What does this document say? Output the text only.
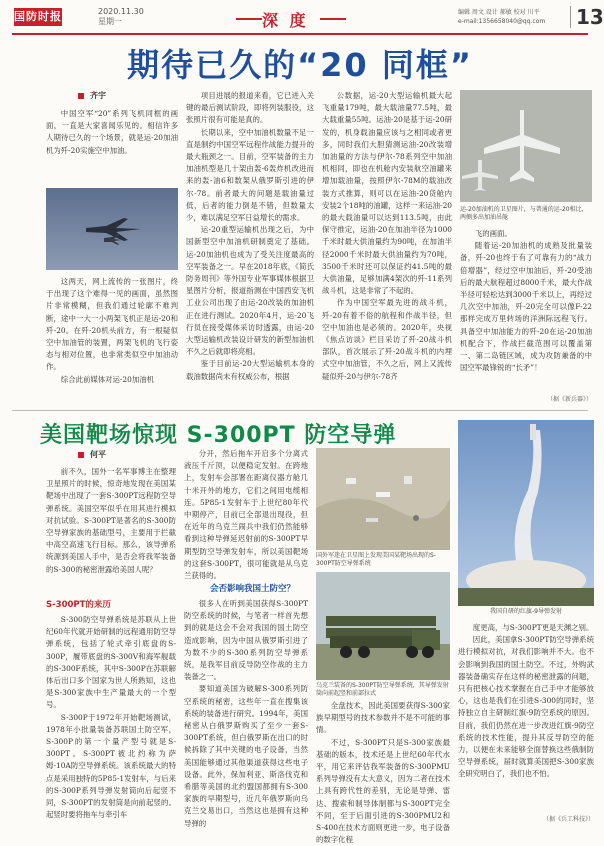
国防时报	2020.11.30
星期一	深 度	编辑 周文 设计 郝敏 校对 川平
e-mail:1356658040@qq.com	13
期待已久的“20 同框”
齐宇

中国空军“20”系列飞机同框的画面，一直是大家喜闻乐见的。相信许多人期待已久的一个场景，就是运-20加油机为歼-20实施空中加油。

这两天，网上流传的一张图片，终于出现了这个难得一见的画面，虽然图片非常模糊，但我们通过轮廓不难判断，途中一大一小两架飞机正是运-20和歼-20。在歼-20机头前方，有一根疑似空中加油管的装置，两架飞机的飞行姿态与相对位置，也非常类似空中加油动作。

综合此前媒体对运-20加油机

项目进展的报道来看，它已进入关键的最后测试阶段，即将列装服役，这张照片很有可能是真的。

长期以来，空中加油机数量不足一直是制约中国空军远程作战能力提升的最大瓶颈之一。目前，空军装备的主力加油机型是几十架由轰-6轰炸机改进而来的轰-油6和数架从俄罗斯引进的伊尔-78。前者最大的问题是载油量过低，后者的能力倒是不错，但数量太少，难以满足空军日益增长的需求。

运-20重型运输机出现之后，为中国新型空中加油机研制奠定了基础。运-20加油机也成为了受关注度最高的空军装备之一。早在2018年底，《简氏防务周刊》等外国专业军事媒体根据卫星图片分析，报道指测在中国西安飞机工业公司出现了由运-20改装的加油机正在进行测试。2020年4月，运-20飞行员在接受媒体采访时透露，由运-20大型运输机改装设计研发的新型加油机不久之后就即将亮相。

鉴于目前运-20大型运输机本身的载油数据尚未有权威公布，根据

公数据，运-20大型运输机最大起飞重量179吨，最大载油量77.5吨，最大载重量55吨。运油-20是基于运-20研发的，机身载油量应该与之相同或者更多，同时我们大胆猜测运油-20改装增加油量的方法与伊尔-78系列空中加油机相同，即也在机舱内安装航空油罐来增加载油量，按照伊尔-78M的载油改装方式推算，则可以在运油-20货舱内安装2个18吨的油罐，这样一来运油-20的最大载油量可以达到113.5吨，由此保守推定，运油-20在加油半径为1000千米时最大供油量约为90吨，在加油半径2000千米时最大供油量约为70吨，3500千米时还可以保证约41.5吨的最大供油量，足够加满4架次的歼-11系列战斗机，这是非常了不起的。

作为中国空军最先进的战斗机，歼-20有着不俗的航程和作战半径，但空中加油也是必须的。2020年，央视《焦点访谈》栏目采访了歼-20战斗机部队，首次展示了歼-20战斗机的内埋式空中加油管，不久之后，网上又流传疑似歼-20与伊尔-78齐

运-20加油机的卫星图片，与普通的运-20相比，两侧多出加油吊舱

飞的画面。

随着运-20加油机的成熟及批量装备，歼-20也终于有了可靠有力的“战力倍增器”，经过空中加油后，歼-20受油后的最大航程超过8000千米，最大作战半径可轻松达到3000千米以上，再经过几次空中加油，歼-20完全可以像F-22那样完成万里转场的洋洲际远程飞行。具备空中加油能力的歼-20在运-20加油机配合下，作战拦截范围可以覆盖第一、第二岛链区域，成为攻防兼备的中国空军最锋锐的“长矛”！

（据《新兵器》）
美国靶场惊现 S-300PT 防空导弹
何平

前不久，国外一名军事博主在整理卫星照片的时候，惊奇地发现在美国某靶场中出现了一套S-300PT远程防空导弹系统。美国空军似乎在用其进行模拟对抗试验。S-300PT是著名的S-300防空导弹家族的基础型号，主要用于拦截中高空高速飞行目标。那么，该导弹系统源到美国人手中，是否会将我军装备的S-300的秘密泄露给美国人呢？

S-300PT的来历

S-300防空导弹系统是苏联从上世纪60年代就开始研制的远程通用防空导弹系统，包括了轮式牵引底盘的S-300P，履带底盘的S-300V和海军舰载的S-300F系统，其中S-300P在苏联解体后出口多个国家为世人所熟知，这也是S-300家族中生产量最大的一个型号。

S-300P于1972年开始靶场测试，1978年小批量装备苏联国土防空军，S-300P的第一个量产型号就是S-300PT。S-300PT被北约称为萨姆-10A防空导弹系统。该系统最大的特点是采用独特的5P85-1发射车，与后来的S-300P系列导弹发射筒向后起竖不同，S-300PT的发射筒是向前起竖的。起竖时要将拖车与牵引车

分开，然后拖车开启多个分离式液压千斤顶，以便稳定发射。在跨地上，发射车会部署在距离仪器方舱几十米开外的地方，它们之间用电缆相连。5P85-1发射车于上世纪80年代中期停产，目前已全部退出现役，但在近年的乌克兰闹兵中我们仍然能够看到这种导弹延迟射前的S-300PT早期型防空导弹发射车，所以美国靶场的这套S-300PT，很可能就是从乌克兰获得的。

会否影响我国土防空？

很多人在听到美国获得S-300PT防空系统的时候，与笔者一样首先想到的就是这会不会对我国的国土防空造成影响，因为中国从俄罗斯引进了为数不少的S-300系列防空导弹系统，是我军目前反导防空作战的主力装备之一。

要知道美国为破解S-300系列防空系统的秘密，这些年一直在搜集该系统的装备进行研究。1994年，美国秘密从白俄罗斯购买了至少一套S-300PT系统，但白俄罗斯在出口的时候拆除了其中关键的电子设备，当然美国能够通过其他渠道获得这些电子设备。此外，保加利亚、斯洛伐克和希腊等美国的北约盟国都拥有S-300家族的早期型号，近几年俄罗斯向乌克兰交易出口，当然这也是拥有这种导弹的

国外军迷在卫星图上发现美国某靶场出现的S-300PT防空导弹系统
乌克兰装备的S-300PT防空导弹系统，其导弹发射筒向前起竖和前部拉式

全盘技术，因此美国要获得S-300家族早期型号的技术参数并不是不可能的事情。

不过，S-300PT只是S-300家族最基础的版本，技术还是上世纪60年代水平，用它来评估我军装备的S-300PMU系列导弹没有太大意义，因为二者在技术上具有跨代性的差别，无论是导弹、雷达、搜索和制导体制都与S-300PT完全不同，至于后面引进的S-300PMU2和S-400在技术方面则更进一步，电子设备的数字化程

我国自研的红旗-9导弹发射

度更高，与S-300PT更是天渊之别。

因此，美国拿S-300PT防空导弹系统进行模拟对抗，对我们影响并不大。也不会影响到我国的国土防空。不过，外购武器装备确实存在这样的秘密泄露的问题，只有把核心技术掌握在自己手中才能够放心，这也是我们在引进S-300的同时，坚持独立自主研制红旗-9防空系统的原因。目前，我们仍然在进一步改进红旗-9防空系统的技术性能，提升其反导防空的能力，以便在未来能够全面替换这些俄制防空导弹系统，届时就算美国把S-300家族全研究明白了，我们也不怕。

（据《兵工科技》）
